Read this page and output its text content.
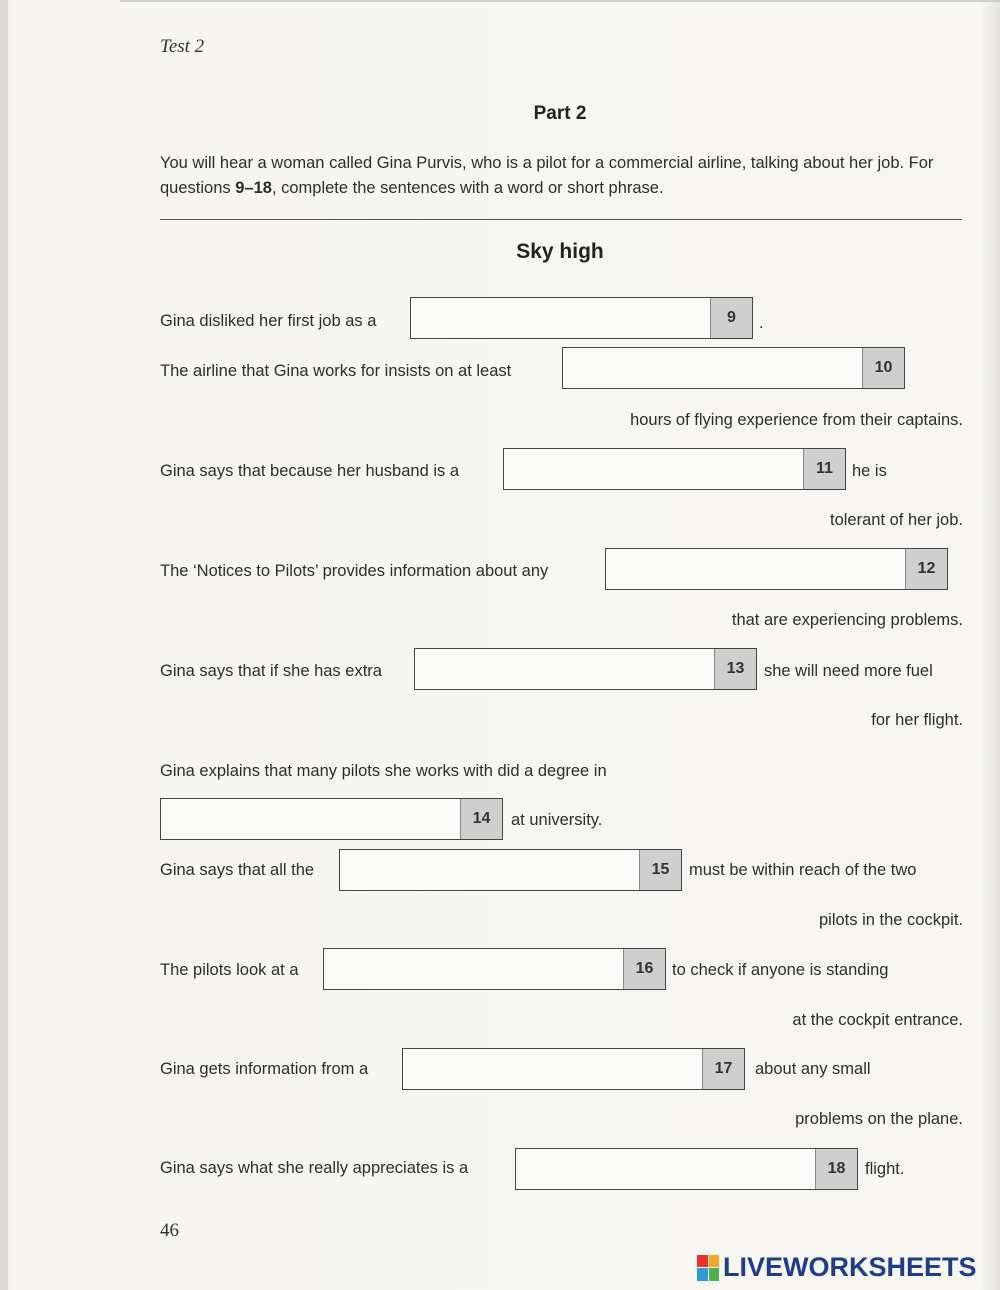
Test 2
Part 2
You will hear a woman called Gina Purvis, who is a pilot for a commercial airline, talking about her job. For questions 9–18, complete the sentences with a word or short phrase.
Sky high
Gina disliked her first job as a	9	.
The airline that Gina works for insists on at least	10
hours of flying experience from their captains.
Gina says that because her husband is a	11	he is
tolerant of her job.
The ‘Notices to Pilots’ provides information about any	12
that are experiencing problems.
Gina says that if she has extra	13	she will need more fuel
for her flight.
Gina explains that many pilots she works with did a degree in
14	at university.
Gina says that all the	15	must be within reach of the two
pilots in the cockpit.
The pilots look at a	16	to check if anyone is standing
at the cockpit entrance.
Gina gets information from a	17	about any small
problems on the plane.
Gina says what she really appreciates is a	18	flight.
46
LIVEWORKSHEETS
